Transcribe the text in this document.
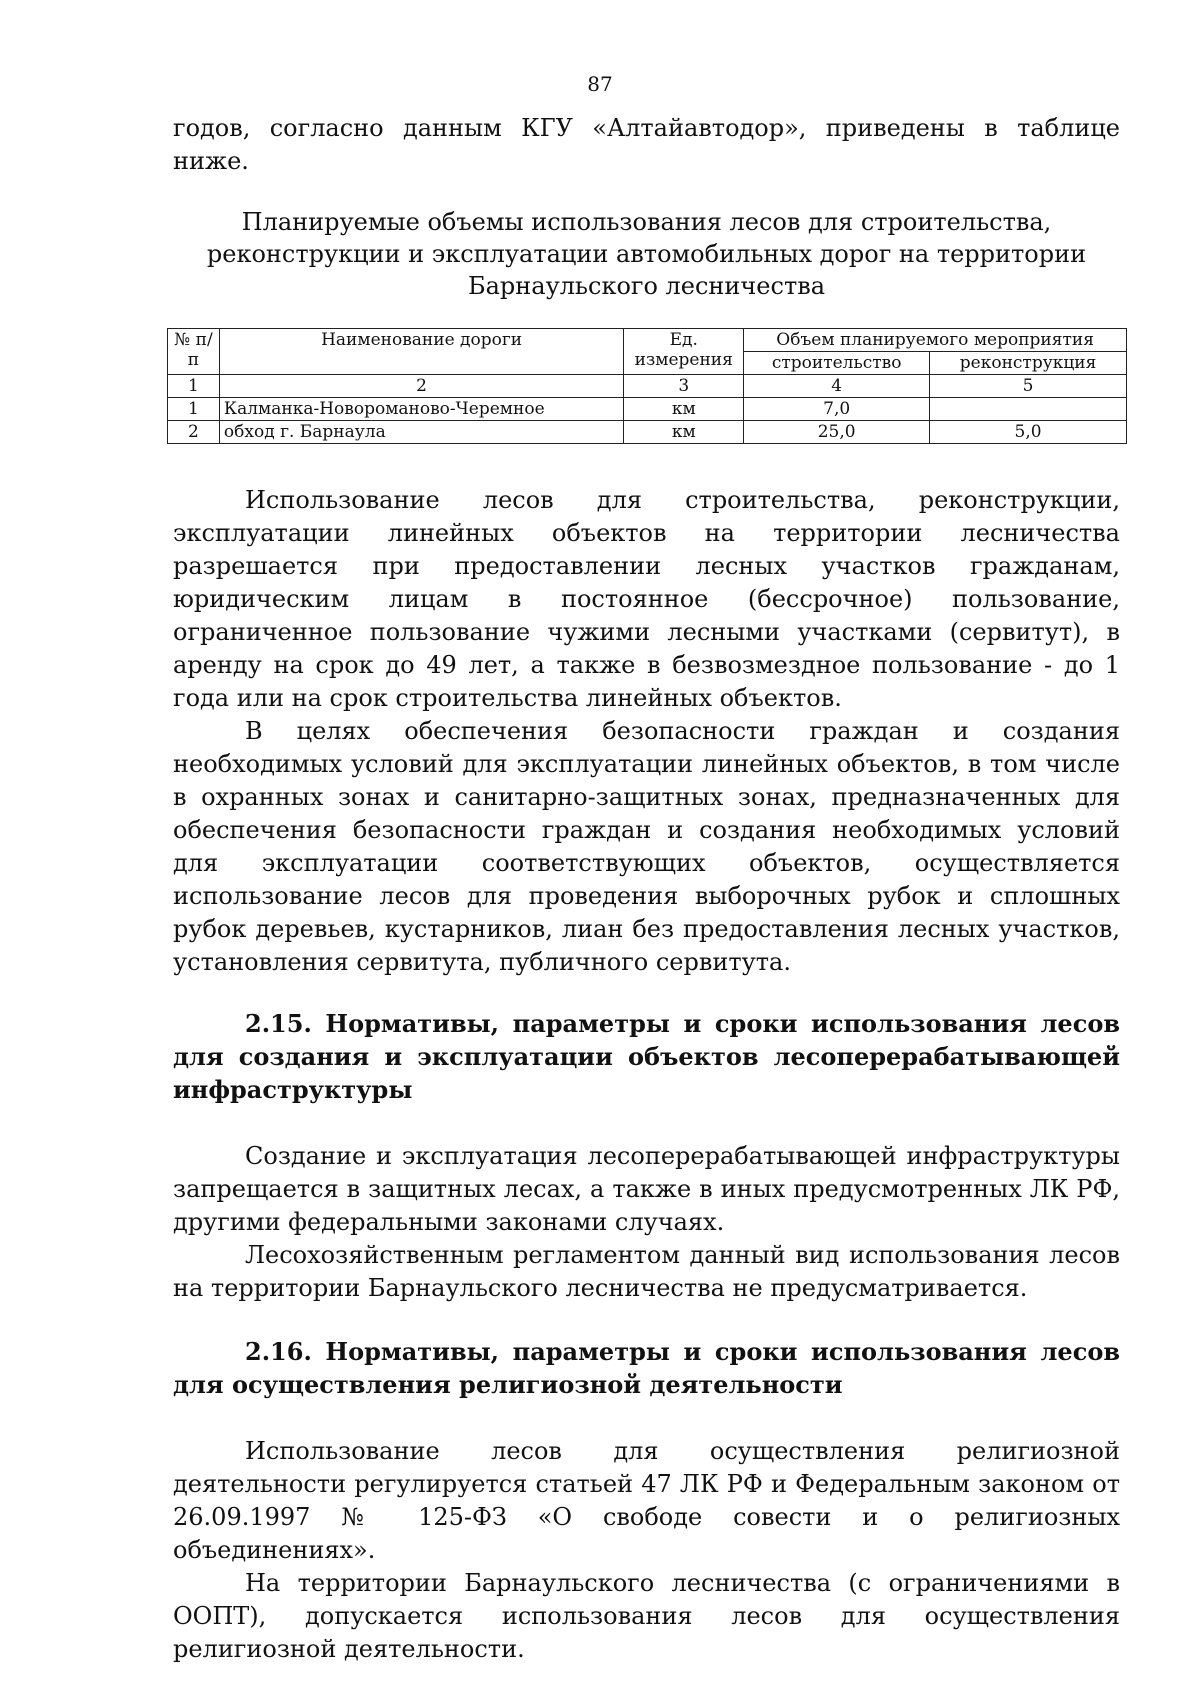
87

годов, согласно данным КГУ «Алтайавтодор», приведены в таблице ниже.

Планируемые объемы использования лесов для строительства,
реконструкции и эксплуатации автомобильных дорог на территории
Барнаульского лесничества
№ п/п	Наименование дороги	Ед. измерения	Объем планируемого мероприятия	
			строительство	реконструкция
1	2	3	4	5
1	Калманка-Новороманово-Черемное	км	7,0	
2	обход г. Барнаула	км	25,0	5,0

Использование лесов для строительства, реконструкции, эксплуатации линейных объектов на территории лесничества разрешается при предоставлении лесных участков гражданам, юридическим лицам в постоянное (бессрочное) пользование, ограниченное пользование чужими лесными участками (сервитут), в аренду на срок до 49 лет, а также в безвозмездное пользование - до 1 года или на срок строительства линейных объектов.

В целях обеспечения безопасности граждан и создания необходимых условий для эксплуатации линейных объектов, в том числе в охранных зонах и санитарно-защитных зонах, предназначенных для обеспечения безопасности граждан и создания необходимых условий для эксплуатации соответствующих объектов, осуществляется использование лесов для проведения выборочных рубок и сплошных рубок деревьев, кустарников, лиан без предоставления лесных участков, установления сервитута, публичного сервитута.

2.15. Нормативы, параметры и сроки использования лесов для создания и эксплуатации объектов лесоперерабатывающей инфраструктуры

Создание и эксплуатация лесоперерабатывающей инфраструктуры запрещается в защитных лесах, а также в иных предусмотренных ЛК РФ, другими федеральными законами случаях.

Лесохозяйственным регламентом данный вид использования лесов на территории Барнаульского лесничества не предусматривается.

2.16. Нормативы, параметры и сроки использования лесов для осуществления религиозной деятельности

Использование лесов для осуществления религиозной деятельности регулируется статьей 47 ЛК РФ и Федеральным законом от 26.09.1997 № 125-ФЗ «О свободе совести и о религиозных объединениях».

На территории Барнаульского лесничества (с ограничениями в ООПТ), допускается использования лесов для осуществления религиозной деятельности.
